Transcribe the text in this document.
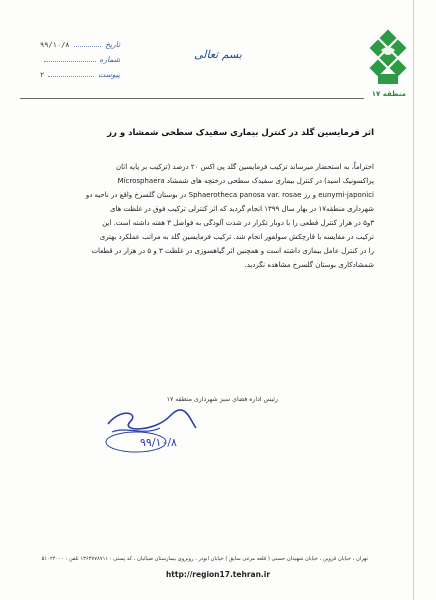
منطقه ۱۷
تاریخ
۹۹/۱۰/۸
شماره
پیوست
۲
بسم تعالی
اثر فرمایسین گلد در کنترل بیماری سفیدک سطحی شمشاد و رز
احتراماً، به استحضار میرساند ترکیب فرمایسین گلد پی اکس ۲۰ درصد (ترکیب بر پایه اثان
پراکسونیک اسید) در کنترل بیماری سفیدک سطحی درختچه های شمشاد Microsphaera
eunymi-japonici و رز Sphaerotheca panosa var. rosae در بوستان گلسرخ واقع در ناحیه دو
شهرداری منطقه۱۷ در بهار سال ۱۳۹۹ انجام گردید که اثر کنترلی ترکیب فوق در غلظت های
۳و۵ در هزار کنترل قطعی را با دوبار تکرار در شدت آلودگی به فواصل ۳ هفته داشته است. این
ترکیب در مقایسه با قارچکش سولفور انجام شد. ترکیب فرمایسین گلد به مراتب عملکرد بهتری
را در کنترل عامل بیماری داشته است و همچنین اثر گیاهسوزی در غلظت ۳ و ۵ در هزار در قطعات
شمشادکاری بوستان گلسرخ مشاهده نگردید.
رئیس اداره فضای سبز شهرداری منطقه ۱۷
۹۹/۱۰/۸
تهران ، خیابان قزوین ، خیابان شهیدان حسنی ( قلعه مرغی سابق ) خیابان ابوذر ، روبروی بیمارستان ضیائیان ، کد پستی : ۱۳۶۳۷۷۸۷۱۱ تلفن : ۵۱۰۲۴۰۰۰
http://region17.tehran.ir
